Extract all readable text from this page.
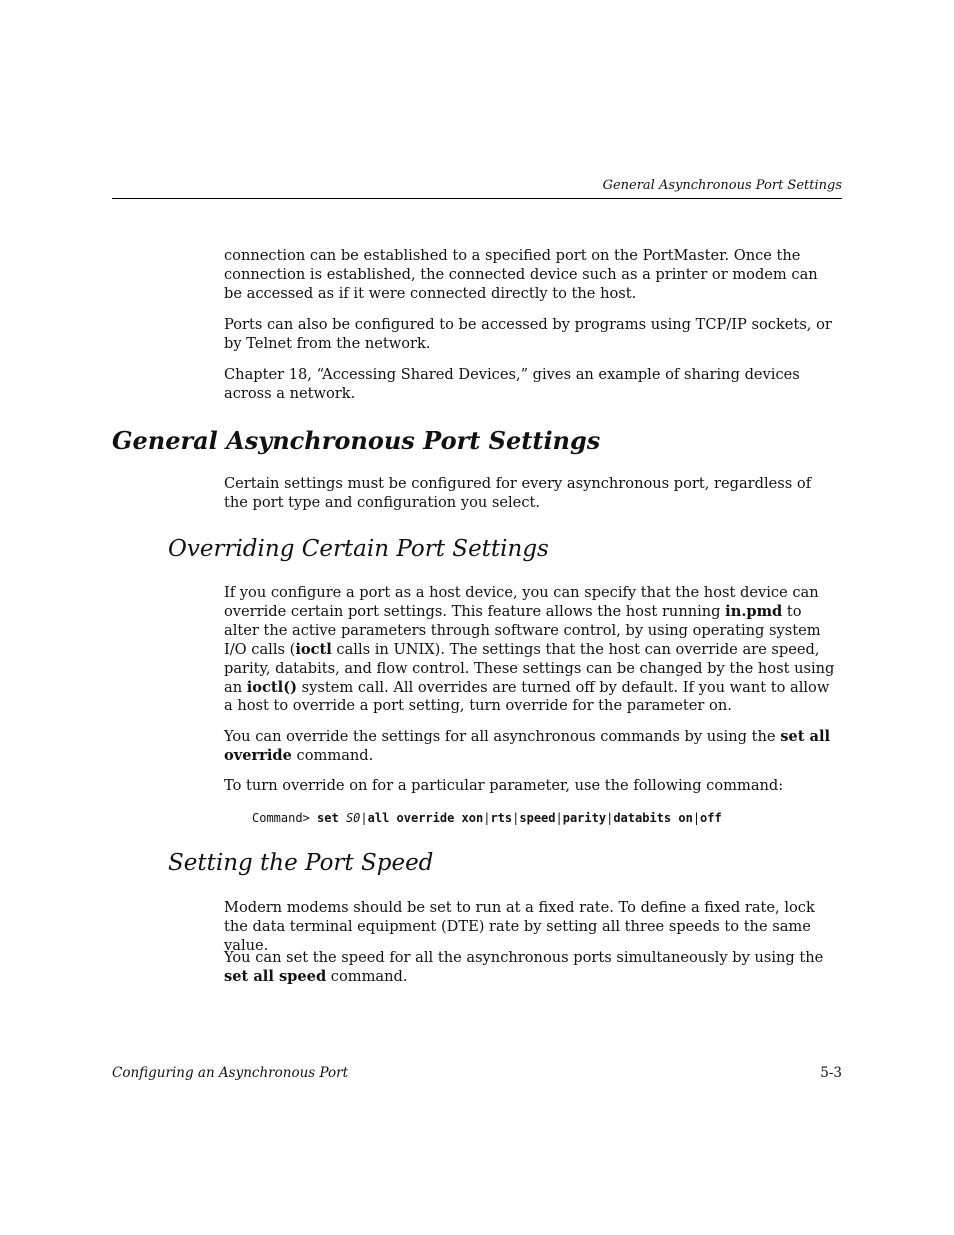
General Asynchronous Port Settings

connection can be established to a specified port on the PortMaster. Once the connection is established, the connected device such as a printer or modem can be accessed as if it were connected directly to the host.

Ports can also be configured to be accessed by programs using TCP/IP sockets, or by Telnet from the network.

Chapter 18, “Accessing Shared Devices,” gives an example of sharing devices across a network.

General Asynchronous Port Settings

Certain settings must be configured for every asynchronous port, regardless of the port type and configuration you select.

Overriding Certain Port Settings

If you configure a port as a host device, you can specify that the host device can override certain port settings. This feature allows the host running in.pmd to alter the active parameters through software control, by using operating system I/O calls (ioctl calls in UNIX). The settings that the host can override are speed, parity, databits, and flow control. These settings can be changed by the host using an ioctl() system call. All overrides are turned off by default. If you want to allow a host to override a port setting, turn override for the parameter on.

You can override the settings for all asynchronous commands by using the set all override command.

To turn override on for a particular parameter, use the following command:

Command> set S0|all override xon|rts|speed|parity|databits on|off

Setting the Port Speed

Modern modems should be set to run at a fixed rate. To define a fixed rate, lock the data terminal equipment (DTE) rate by setting all three speeds to the same value.

You can set the speed for all the asynchronous ports simultaneously by using the set all speed command.

Configuring an Asynchronous Port	5-3
